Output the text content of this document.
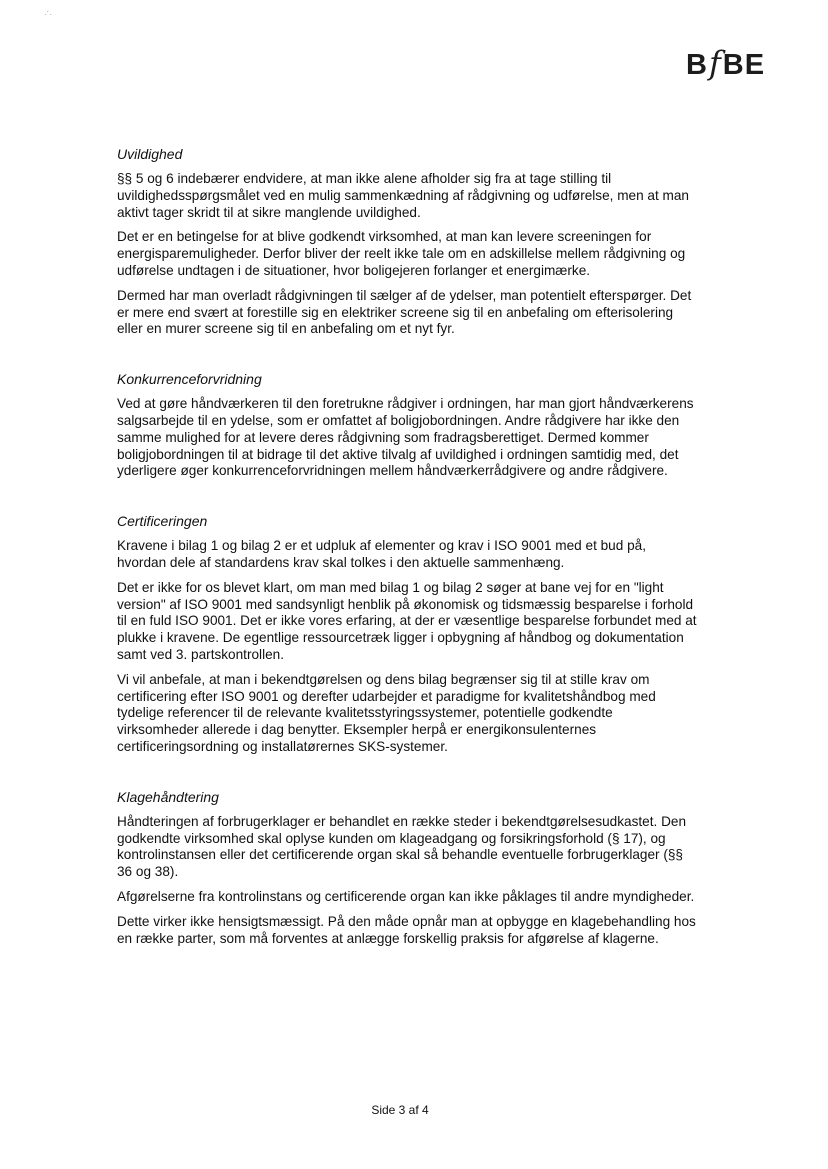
·´·
BfBE
Uvildighed

§§ 5 og 6 indebærer endvidere, at man ikke alene afholder sig fra at tage stilling til uvildighedsspørgsmålet ved en mulig sammenkædning af rådgivning og udførelse, men at man aktivt tager skridt til at sikre manglende uvildighed.

Det er en betingelse for at blive godkendt virksomhed, at man kan levere screeningen for energisparemuligheder. Derfor bliver der reelt ikke tale om en adskillelse mellem rådgivning og udførelse undtagen i de situationer, hvor boligejeren forlanger et energimærke.

Dermed har man overladt rådgivningen til sælger af de ydelser, man potentielt efterspørger. Det er mere end svært at forestille sig en elektriker screene sig til en anbefaling om efterisolering eller en murer screene sig til en anbefaling om et nyt fyr.

Konkurrenceforvridning

Ved at gøre håndværkeren til den foretrukne rådgiver i ordningen, har man gjort håndværkerens salgsarbejde til en ydelse, som er omfattet af boligjobordningen. Andre rådgivere har ikke den samme mulighed for at levere deres rådgivning som fradragsberettiget. Dermed kommer boligjobordningen til at bidrage til det aktive tilvalg af uvildighed i ordningen samtidig med, det yderligere øger konkurrenceforvridningen mellem håndværkerrådgivere og andre rådgivere.

Certificeringen

Kravene i bilag 1 og bilag 2 er et udpluk af elementer og krav i ISO 9001 med et bud på, hvordan dele af standardens krav skal tolkes i den aktuelle sammenhæng.

Det er ikke for os blevet klart, om man med bilag 1 og bilag 2 søger at bane vej for en "light version" af ISO 9001 med sandsynligt henblik på økonomisk og tidsmæssig besparelse i forhold til en fuld ISO 9001. Det er ikke vores erfaring, at der er væsentlige besparelse forbundet med at plukke i kravene. De egentlige ressourcetræk ligger i opbygning af håndbog og dokumentation samt ved 3. partskontrollen.

Vi vil anbefale, at man i bekendtgørelsen og dens bilag begrænser sig til at stille krav om certificering efter ISO 9001 og derefter udarbejder et paradigme for kvalitetshåndbog med tydelige referencer til de relevante kvalitetsstyringssystemer, potentielle godkendte virksomheder allerede i dag benytter. Eksempler herpå er energikonsulenternes certificeringsordning og installatørernes SKS-systemer.

Klagehåndtering

Håndteringen af forbrugerklager er behandlet en række steder i bekendtgørelsesudkastet. Den godkendte virksomhed skal oplyse kunden om klageadgang og forsikringsforhold (§ 17), og kontrolinstansen eller det certificerende organ skal så behandle eventuelle forbrugerklager (§§ 36 og 38).

Afgørelserne fra kontrolinstans og certificerende organ kan ikke påklages til andre myndigheder.

Dette virker ikke hensigtsmæssigt. På den måde opnår man at opbygge en klagebehandling hos en række parter, som må forventes at anlægge forskellig praksis for afgørelse af klagerne.

Side 3 af 4
